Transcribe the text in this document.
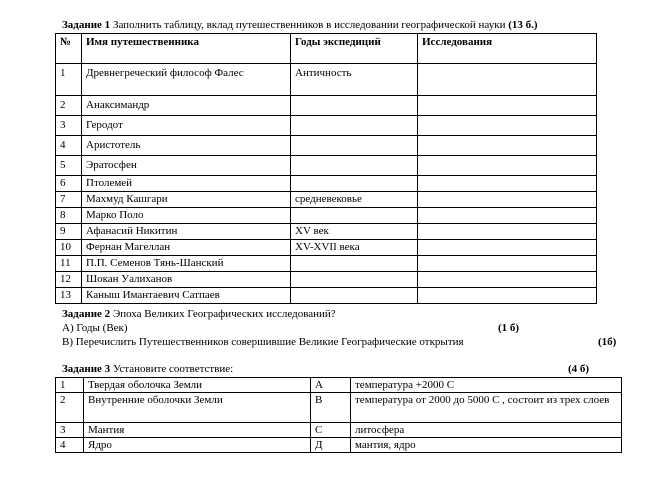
Задание 1 Заполнить таблицу, вклад путешественников в исследовании географической науки (13 б.)
№	Имя путешественника	Годы экспедиций	Исследования
1	Древнегреческий философ Фалес	Античность	
2	Анаксимандр		
3	Геродот		
4	Аристотель		
5	Эратосфен		
6	Птолемей		
7	Махмуд Кашгари	средневековье	
8	Марко Поло		
9	Афанасий Никитин	XV век	
10	Фернан Магеллан	XV-XVII века	
11	П.П. Семенов Тянь-Шанский		
12	Шокан Уалиханов		
13	Каныш Имантаевич Сатпаев		
Задание 2 Эпоха Великих Географических исследований?
А) Годы (Век)	(1 б)
В) Перечислить Путешественников совершившие Великие Географические открытия	(1б)
Задание 3 Установите соответствие:	(4 б)
1	Твердая оболочка Земли	А	температура +2000 С
2	Внутренние оболочки Земли	В	температура от 2000 до 5000 С , состоит из трех слоев
3	Мантия	С	литосфера
4	Ядро	Д	мантия, ядро
